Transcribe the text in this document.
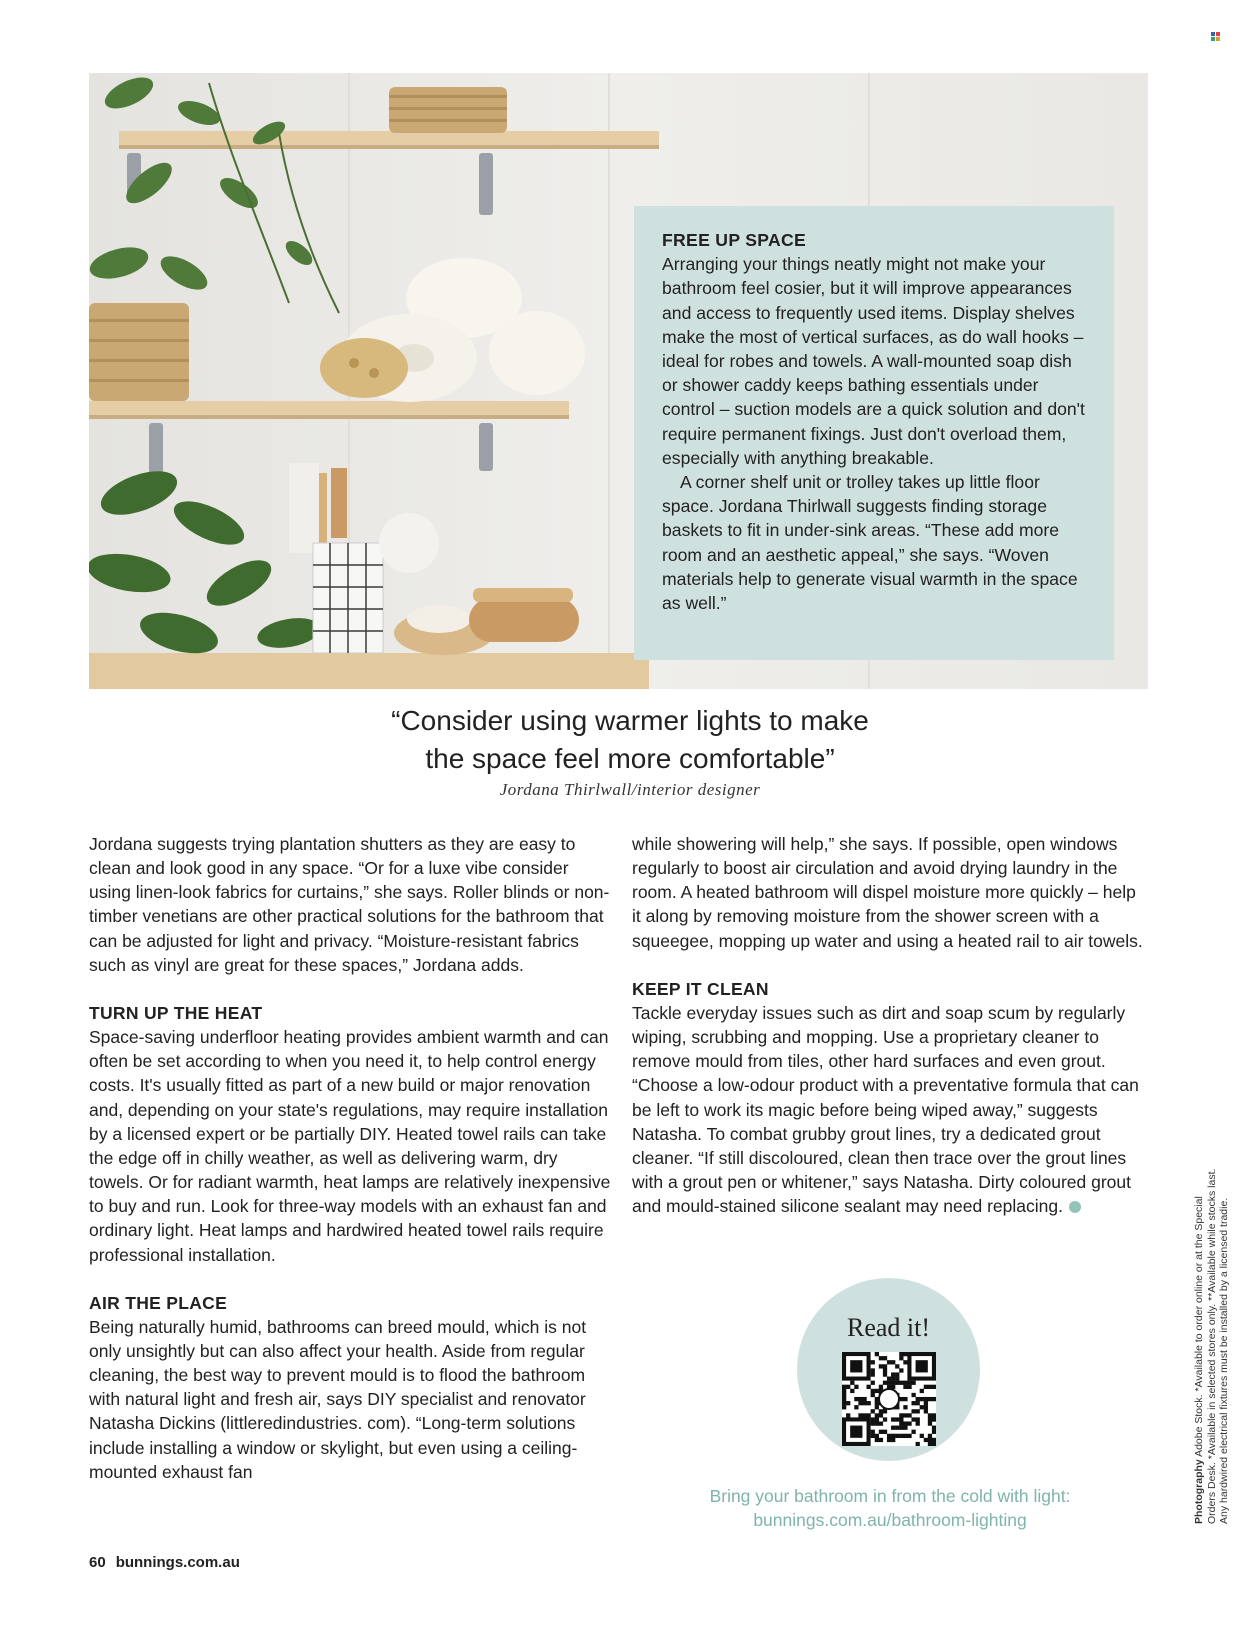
FREE UP SPACE

Arranging your things neatly might not make your bathroom feel cosier, but it will improve appearances and access to frequently used items. Display shelves make the most of vertical surfaces, as do wall hooks – ideal for robes and towels. A wall-mounted soap dish or shower caddy keeps bathing essentials under control – suction models are a quick solution and don't require permanent fixings. Just don't overload them, especially with anything breakable.

A corner shelf unit or trolley takes up little floor space. Jordana Thirlwall suggests finding storage baskets to fit in under-sink areas. “These add more room and an aesthetic appeal,” she says. “Woven materials help to generate visual warmth in the space as well.”

“Consider using warmer lights to make
the space feel more comfortable”
Jordana Thirlwall/interior designer

Jordana suggests trying plantation shutters as they are easy to clean and look good in any space. “Or for a luxe vibe consider using linen-look fabrics for curtains,” she says. Roller blinds or non-timber venetians are other practical solutions for the bathroom that can be adjusted for light and privacy. “Moisture-resistant fabrics such as vinyl are great for these spaces,” Jordana adds.

TURN UP THE HEAT

Space-saving underfloor heating provides ambient warmth and can often be set according to when you need it, to help control energy costs. It's usually fitted as part of a new build or major renovation and, depending on your state's regulations, may require installation by a licensed expert or be partially DIY. Heated towel rails can take the edge off in chilly weather, as well as delivering warm, dry towels. Or for radiant warmth, heat lamps are relatively inexpensive to buy and run. Look for three-way models with an exhaust fan and ordinary light. Heat lamps and hardwired heated towel rails require professional installation.

AIR THE PLACE

Being naturally humid, bathrooms can breed mould, which is not only unsightly but can also affect your health. Aside from regular cleaning, the best way to prevent mould is to flood the bathroom with natural light and fresh air, says DIY specialist and renovator Natasha Dickins (littleredindustries. com). “Long-term solutions include installing a window or skylight, but even using a ceiling-mounted exhaust fan

while showering will help,” she says. If possible, open windows regularly to boost air circulation and avoid drying laundry in the room. A heated bathroom will dispel moisture more quickly – help it along by removing moisture from the shower screen with a squeegee, mopping up water and using a heated rail to air towels.

KEEP IT CLEAN

Tackle everyday issues such as dirt and soap scum by regularly wiping, scrubbing and mopping. Use a proprietary cleaner to remove mould from tiles, other hard surfaces and even grout. “Choose a low-odour product with a preventative formula that can be left to work its magic before being wiped away,” suggests Natasha. To combat grubby grout lines, try a dedicated grout cleaner. “If still discoloured, clean then trace over the grout lines with a grout pen or whitener,” says Natasha. Dirty coloured grout and mould-stained silicone sealant may need replacing.

Read it!
Bring your bathroom in from the cold with light:
bunnings.com.au/bathroom-lighting
60 bunnings.com.au

Photography Adobe Stock. *Available to order online or at the Special Orders Desk. *Available in selected stores only. **Available while stocks last. Any hardwired electrical fixtures must be installed by a licensed tradie.
